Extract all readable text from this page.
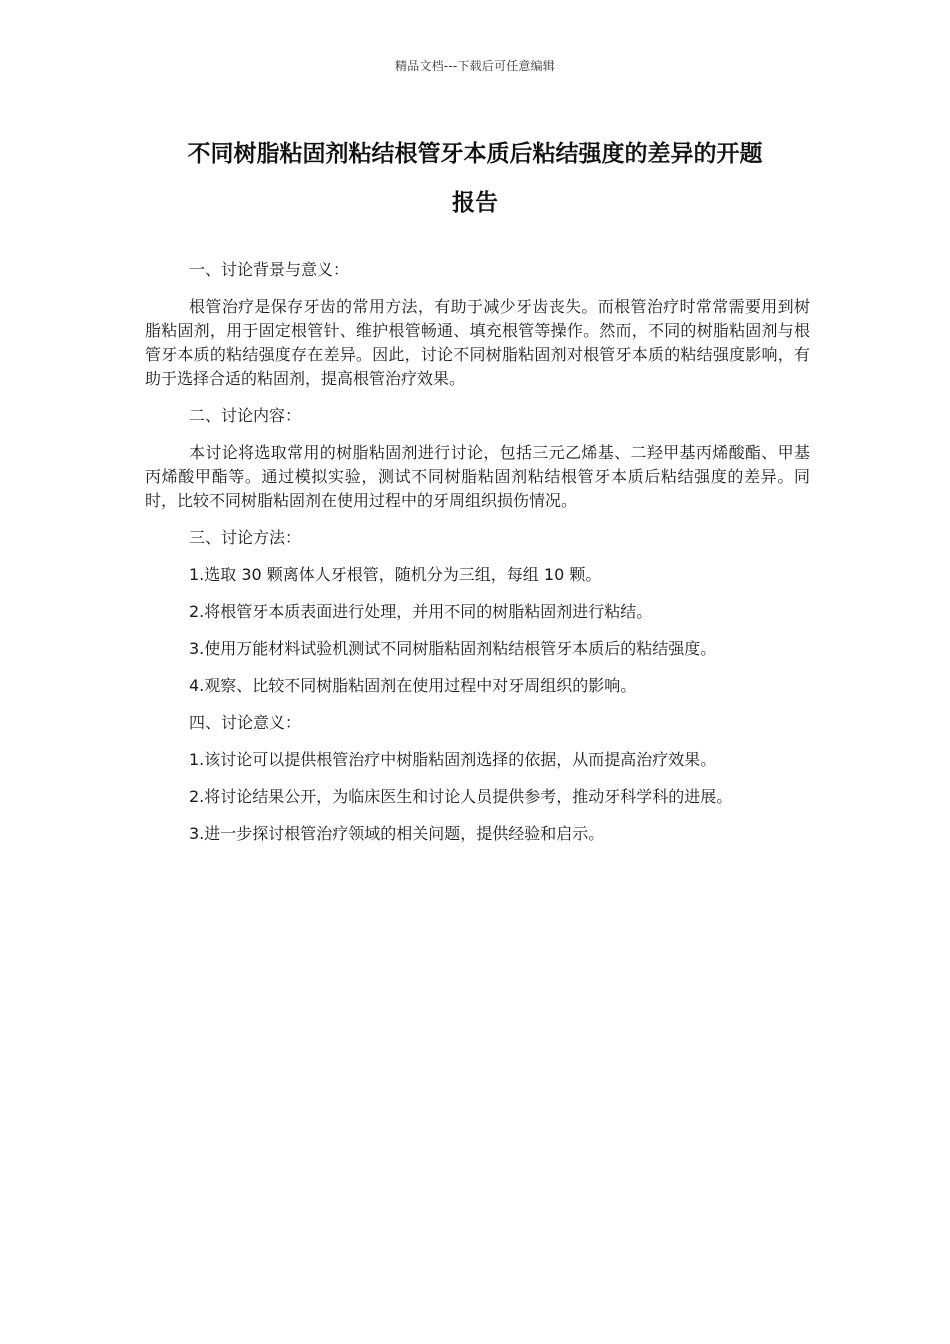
精品文档---下载后可任意编辑
不同树脂粘固剂粘结根管牙本质后粘结强度的差异的开题
报告

一、讨论背景与意义：

根管治疗是保存牙齿的常用方法，有助于减少牙齿丧失。而根管治疗时常常需要用到树脂粘固剂，用于固定根管针、维护根管畅通、填充根管等操作。然而，不同的树脂粘固剂与根管牙本质的粘结强度存在差异。因此，讨论不同树脂粘固剂对根管牙本质的粘结强度影响，有助于选择合适的粘固剂，提高根管治疗效果。

二、讨论内容：

本讨论将选取常用的树脂粘固剂进行讨论，包括三元乙烯基、二羟甲基丙烯酸酯、甲基丙烯酸甲酯等。通过模拟实验，测试不同树脂粘固剂粘结根管牙本质后粘结强度的差异。同时，比较不同树脂粘固剂在使用过程中的牙周组织损伤情况。

三、讨论方法：

1.选取 30 颗离体人牙根管，随机分为三组，每组 10 颗。

2.将根管牙本质表面进行处理，并用不同的树脂粘固剂进行粘结。

3.使用万能材料试验机测试不同树脂粘固剂粘结根管牙本质后的粘结强度。

4.观察、比较不同树脂粘固剂在使用过程中对牙周组织的影响。

四、讨论意义：

1.该讨论可以提供根管治疗中树脂粘固剂选择的依据，从而提高治疗效果。

2.将讨论结果公开，为临床医生和讨论人员提供参考，推动牙科学科的进展。

3.进一步探讨根管治疗领域的相关问题，提供经验和启示。
